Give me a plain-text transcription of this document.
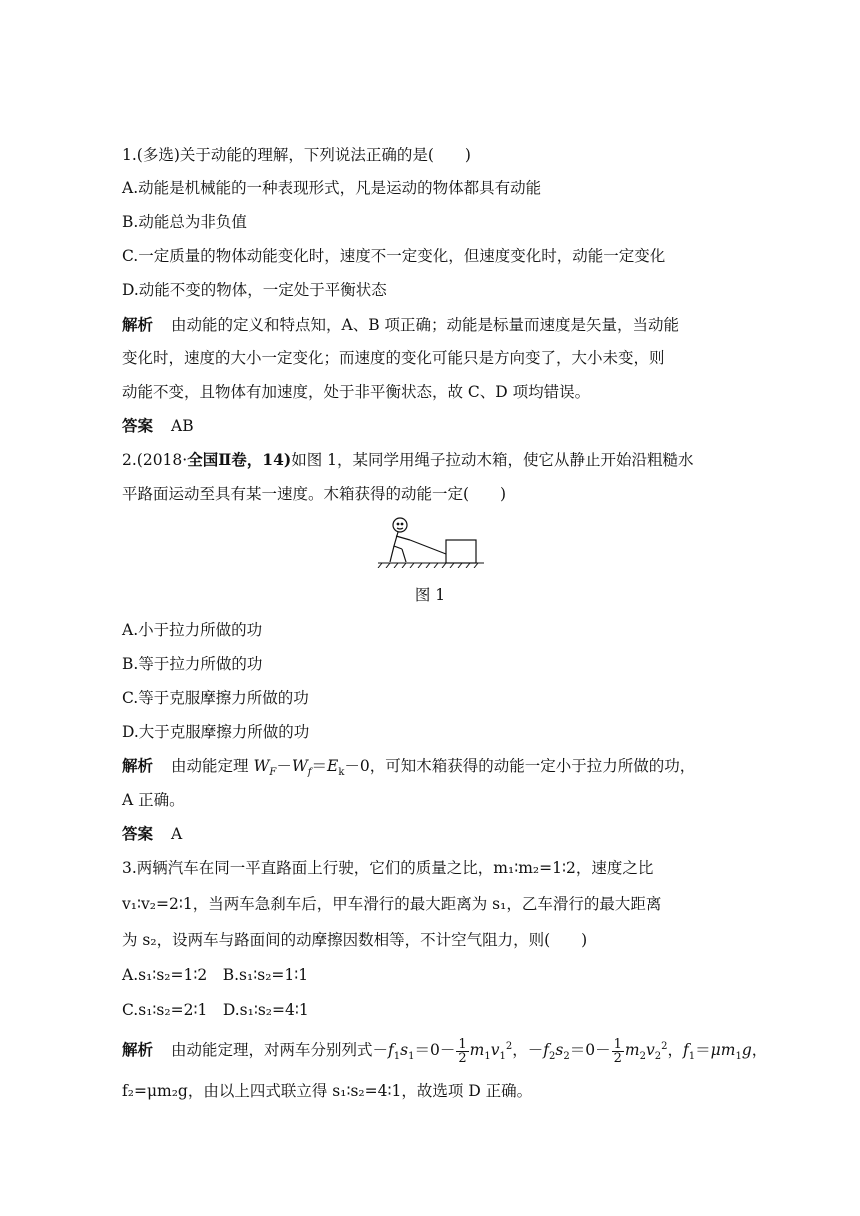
1.(多选)关于动能的理解，下列说法正确的是(　　)
A.动能是机械能的一种表现形式，凡是运动的物体都具有动能
B.动能总为非负值
C.一定质量的物体动能变化时，速度不一定变化，但速度变化时，动能一定变化
D.动能不变的物体，一定处于平衡状态
解析 由动能的定义和特点知，A、B 项正确；动能是标量而速度是矢量，当动能
变化时，速度的大小一定变化；而速度的变化可能只是方向变了，大小未变，则
动能不变，且物体有加速度，处于非平衡状态，故 C、D 项均错误。
答案 AB
2.(2018·全国Ⅱ卷，14)如图 1，某同学用绳子拉动木箱，使它从静止开始沿粗糙水
平路面运动至具有某一速度。木箱获得的动能一定(　　)
图 1
A.小于拉力所做的功
B.等于拉力所做的功
C.等于克服摩擦力所做的功
D.大于克服摩擦力所做的功
解析 由动能定理 $W_F-W_f=E_k-0$，可知木箱获得的动能一定小于拉力所做的功，
A 正确。
答案 A
3.两辆汽车在同一平直路面上行驶，它们的质量之比，m₁∶m₂=1∶2，速度之比
v₁∶v₂=2∶1，当两车急刹车后，甲车滑行的最大距离为 s₁，乙车滑行的最大距离
为 s₂，设两车与路面间的动摩擦因数相等，不计空气阻力，则(　　)
A.s₁∶s₂=1∶2　B.s₁∶s₂=1∶1
C.s₁∶s₂=2∶1　D.s₁∶s₂=4∶1
解析 由动能定理，对两车分别列式$-f_1s_1=0- \frac{1}{2} m_1v_1^2$，$-f_2s_2=0- \frac{1}{2} m_2v_2^2$，$f_1=\mu m_1g$，
f₂=μm₂g，由以上四式联立得 s₁∶s₂=4∶1，故选项 D 正确。
